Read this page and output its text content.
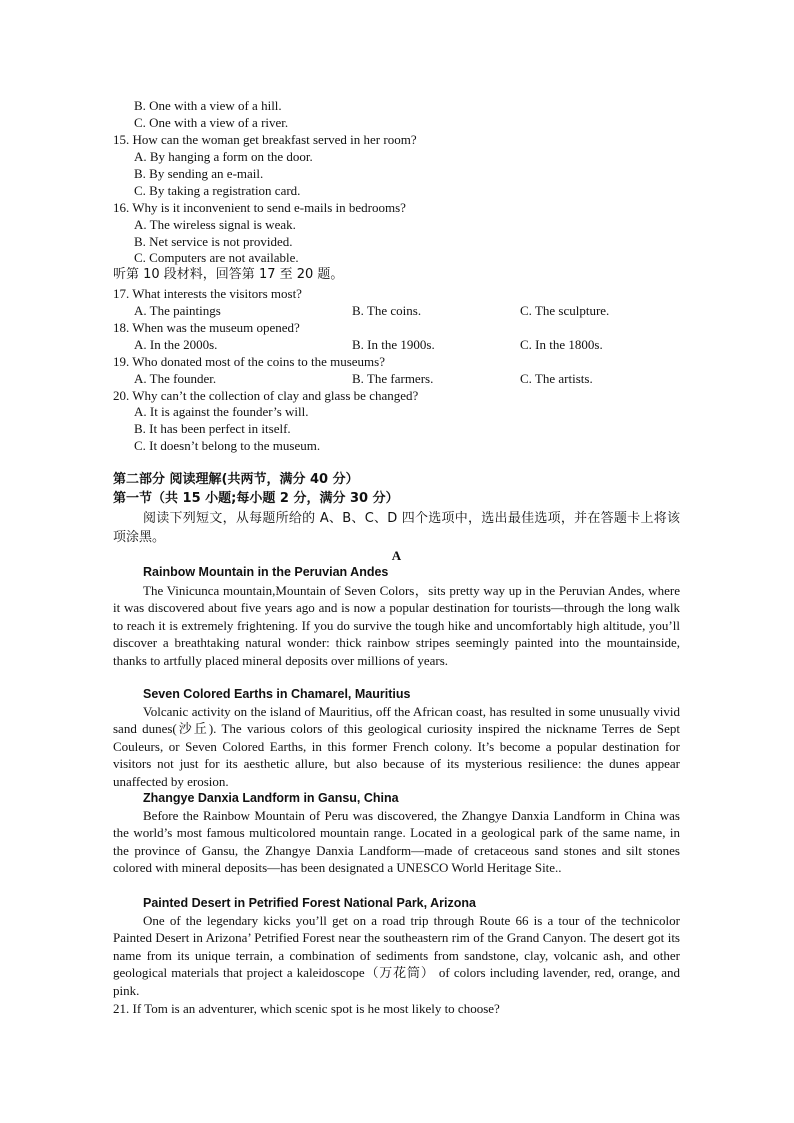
B. One with a view of a hill.
C. One with a view of a river.
15. How can the woman get breakfast served in her room?
A. By hanging a form on the door.
B. By sending an e-mail.
C. By taking a registration card.
16. Why is it inconvenient to send e-mails in bedrooms?
A. The wireless signal is weak.
B. Net service is not provided.
C. Computers are not available.
听第 10 段材料，回答第 17 至 20 题。
17. What interests the visitors most?
A. The paintings	B. The coins.	C. The sculpture.
18. When was the museum opened?
A. In the 2000s.	B. In the 1900s.	C. In the 1800s.
19. Who donated most of the coins to the museums?
A. The founder.	B. The farmers.	C. The artists.
20. Why can’t the collection of clay and glass be changed?
A. It is against the founder’s will.
B. It has been perfect in itself.
C. It doesn’t belong to the museum.
第二部分 阅读理解(共两节，满分 40 分）
第一节（共 15 小题;每小题 2 分，满分 30 分）
阅读下列短文，从每题所给的 A、B、C、D 四个选项中，选出最佳选项，并在答题卡上将该项涂黑。
A
Rainbow Mountain in the Peruvian Andes
The Vinicunca mountain,Mountain of Seven Colors，sits pretty way up in the Peruvian Andes, where it was discovered about five years ago and is now a popular destination for tourists—through the long walk to reach it is extremely frightening. If you do survive the tough hike and uncomfortably high altitude, you’ll discover a breathtaking natural wonder: thick rainbow stripes seemingly painted into the mountainside, thanks to artfully placed mineral deposits over millions of years.
Seven Colored Earths in Chamarel, Mauritius
Volcanic activity on the island of Mauritius, off the African coast, has resulted in some unusually vivid sand dunes(沙丘). The various colors of this geological curiosity inspired the nickname Terres de Sept Couleurs, or Seven Colored Earths, in this former French colony. It’s become a popular destination for visitors not just for its aesthetic allure, but also because of its mysterious resilience: the dunes appear unaffected by erosion.
Zhangye Danxia Landform in Gansu, China
Before the Rainbow Mountain of Peru was discovered, the Zhangye Danxia Landform in China was the world’s most famous multicolored mountain range. Located in a geological park of the same name, in the province of Gansu, the Zhangye Danxia Landform—made of cretaceous sand stones and silt stones colored with mineral deposits—has been designated a UNESCO World Heritage Site..
Painted Desert in Petrified Forest National Park, Arizona
One of the legendary kicks you’ll get on a road trip through Route 66 is a tour of the technicolor Painted Desert in Arizona’ Petrified Forest near the southeastern rim of the Grand Canyon. The desert got its name from its unique terrain, a combination of sediments from sandstone, clay, volcanic ash, and other geological materials that project a kaleidoscope（万花筒） of colors including lavender, red, orange, and pink.
21. If Tom is an adventurer, which scenic spot is he most likely to choose?
